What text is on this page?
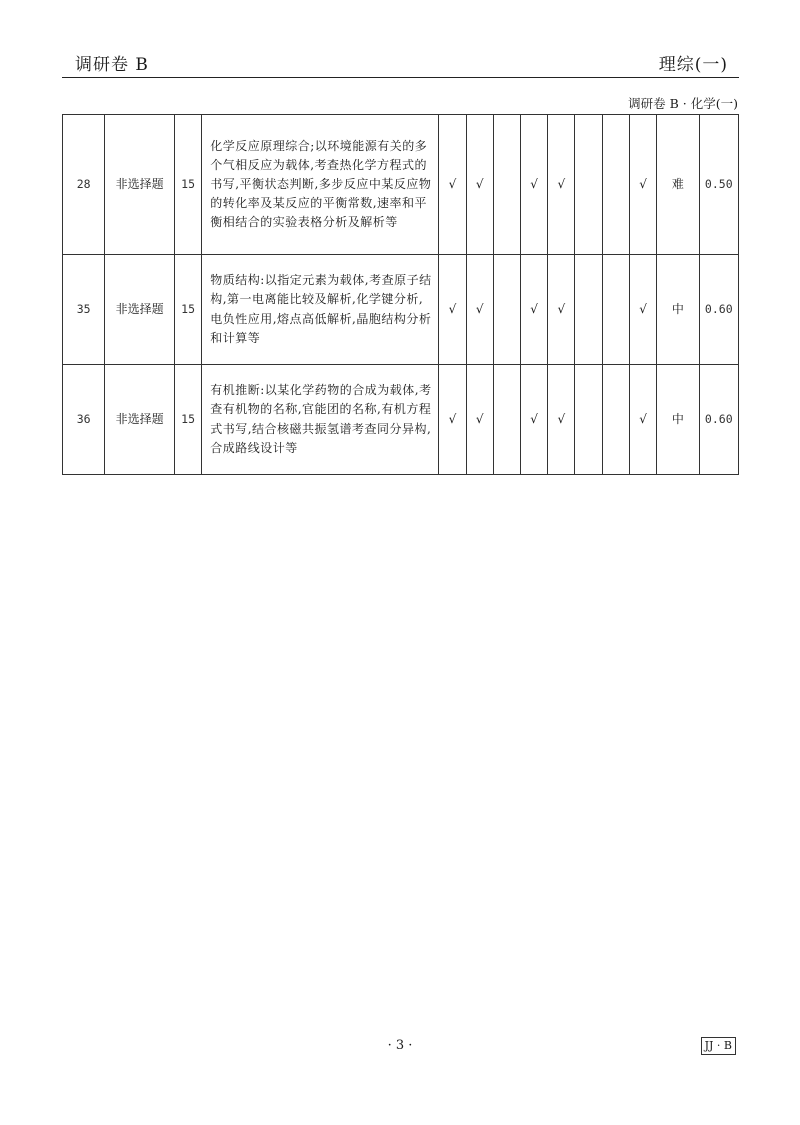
调研卷 B	理综(一)
调研卷 B · 化学(一)
28	非选择题	15	化学反应原理综合;以环境能源有关的多个气相反应为载体,考查热化学方程式的书写,平衡状态判断,多步反应中某反应物的转化率及某反应的平衡常数,速率和平衡相结合的实验表格分析及解析等	√	√		√	√			√	难	0.50
35	非选择题	15	物质结构:以指定元素为载体,考查原子结构,第一电离能比较及解析,化学键分析,电负性应用,熔点高低解析,晶胞结构分析和计算等	√	√		√	√			√	中	0.60
36	非选择题	15	有机推断:以某化学药物的合成为载体,考查有机物的名称,官能团的名称,有机方程式书写,结合核磁共振氢谱考查同分异构,合成路线设计等	√	√		√	√			√	中	0.60
· 3 ·	JJ · B
